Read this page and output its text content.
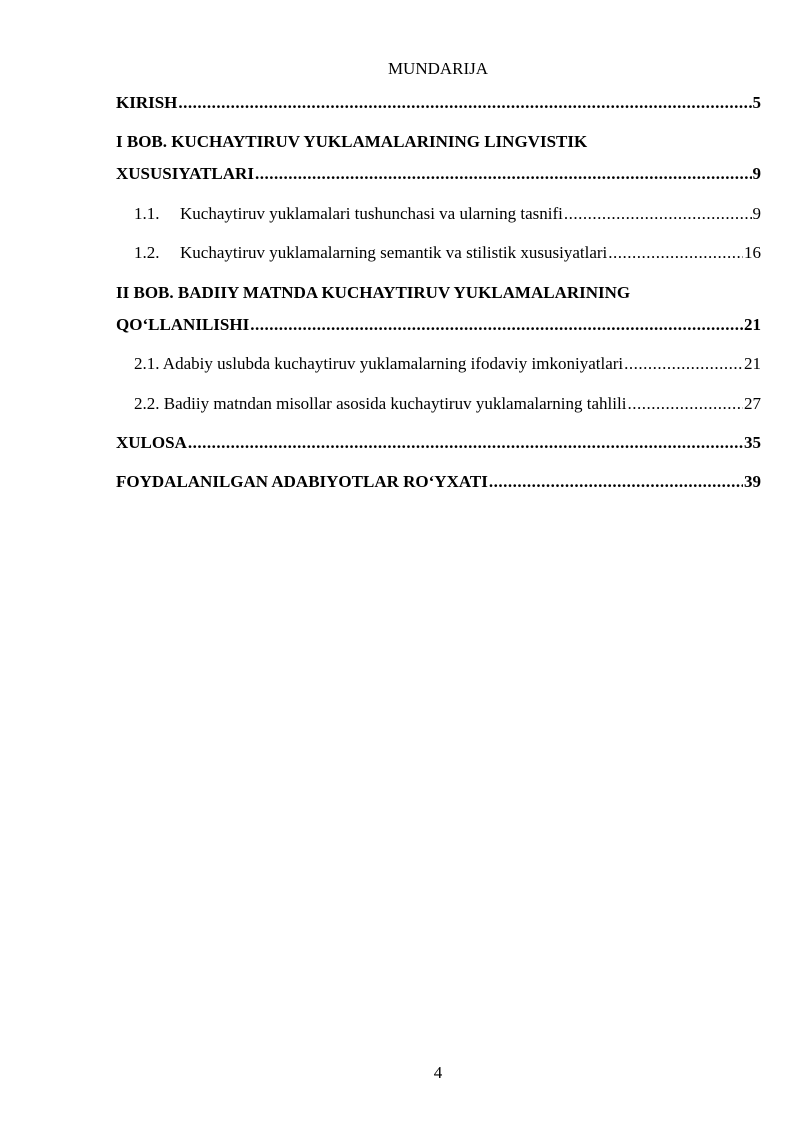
MUNDARIJA
KIRISH .....	5
I BOB. KUCHAYTIRUV YUKLAMALARINING LINGVISTIK
XUSUSIYATLARI .....	9
1.1.	Kuchaytiruv yuklamalari tushunchasi va ularning tasnifi .....	9
1.2.	Kuchaytiruv yuklamalarning semantik va stilistik xususiyatlari .....	16
II BOB. BADIIY MATNDA KUCHAYTIRUV YUKLAMALARINING
QO‘LLANILISHI .....	21
2.1. Adabiy uslubda kuchaytiruv yuklamalarning ifodaviy imkoniyatlari .....	21
2.2. Badiiy matndan misollar asosida kuchaytiruv yuklamalarning tahlili .....	27
XULOSA .....	35
FOYDALANILGAN ADABIYOTLAR RO‘YXATI .....	39
4
